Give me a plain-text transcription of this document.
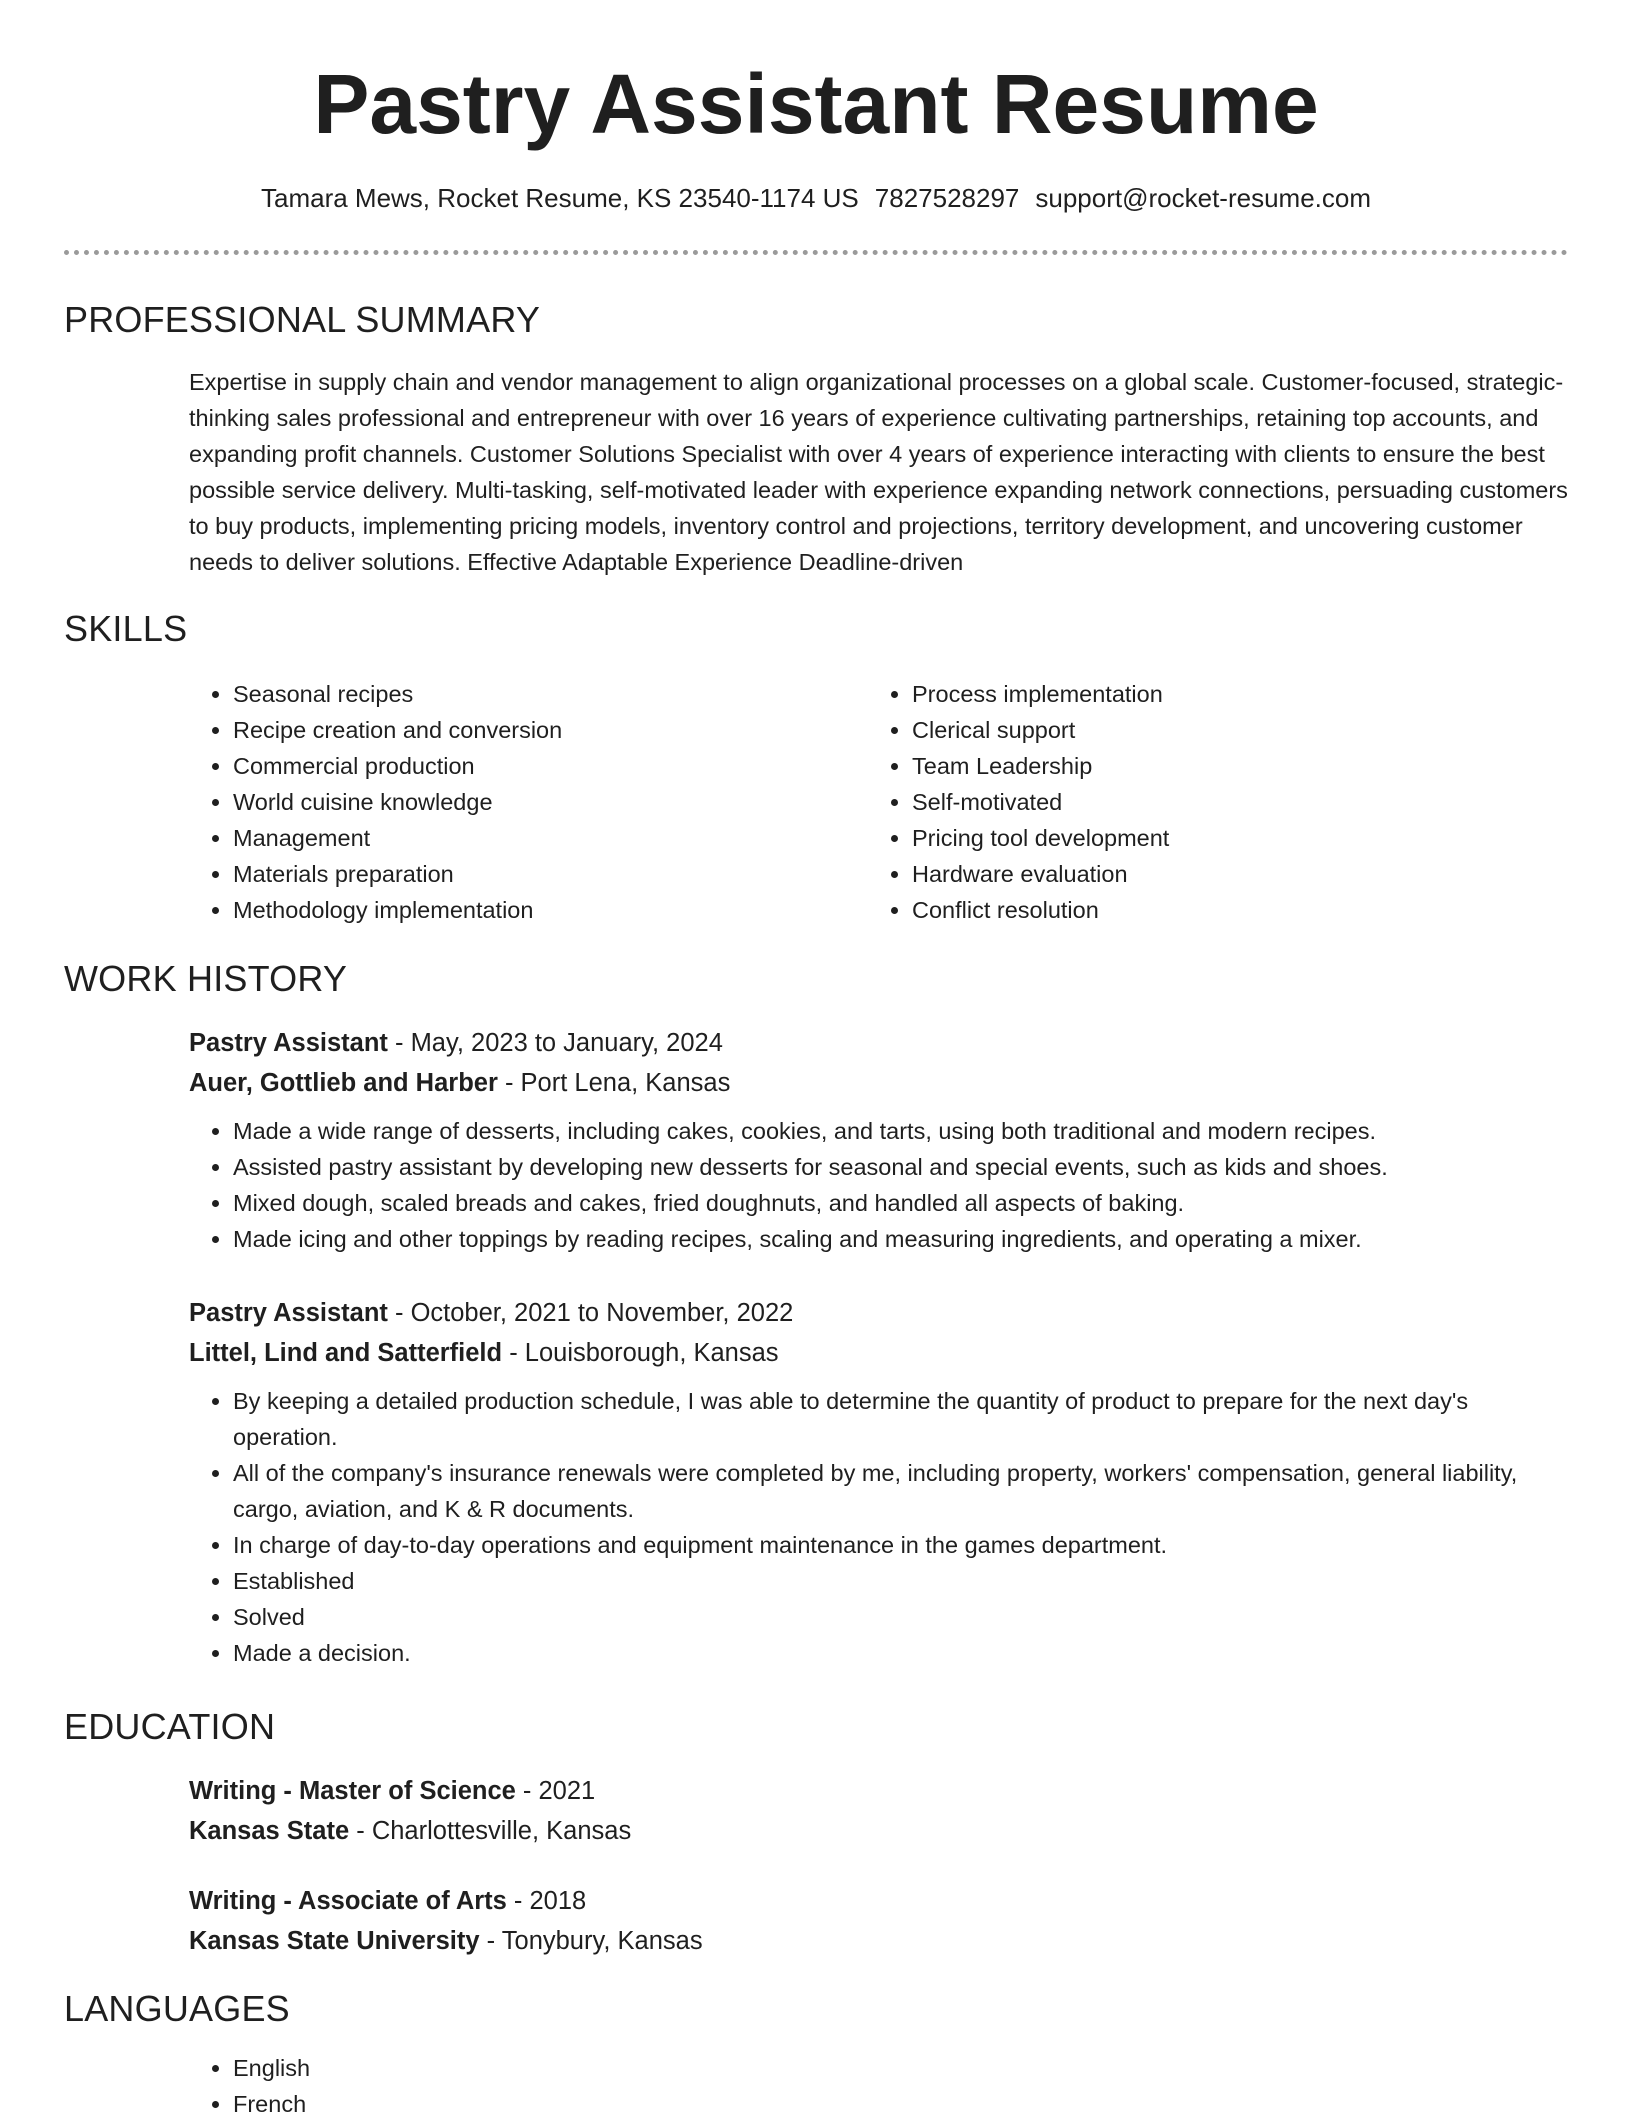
Pastry Assistant Resume
Tamara Mews, Rocket Resume, KS 23540-1174 US 7827528297 support@rocket-resume.com
PROFESSIONAL SUMMARY

Expertise in supply chain and vendor management to align organizational processes on a global scale. Customer-focused, strategic-thinking sales professional and entrepreneur with over 16 years of experience cultivating partnerships, retaining top accounts, and expanding profit channels. Customer Solutions Specialist with over 4 years of experience interacting with clients to ensure the best possible service delivery. Multi-tasking, self-motivated leader with experience expanding network connections, persuading customers to buy products, implementing pricing models, inventory control and projections, territory development, and uncovering customer needs to deliver solutions. Effective Adaptable Experience Deadline-driven

SKILLS
• Seasonal recipes
• Recipe creation and conversion
• Commercial production
• World cuisine knowledge
• Management
• Materials preparation
• Methodology implementation
• Process implementation
• Clerical support
• Team Leadership
• Self-motivated
• Pricing tool development
• Hardware evaluation
• Conflict resolution
WORK HISTORY
Pastry Assistant - May, 2023 to January, 2024
Auer, Gottlieb and Harber - Port Lena, Kansas
• Made a wide range of desserts, including cakes, cookies, and tarts, using both traditional and modern recipes.
• Assisted pastry assistant by developing new desserts for seasonal and special events, such as kids and shoes.
• Mixed dough, scaled breads and cakes, fried doughnuts, and handled all aspects of baking.
• Made icing and other toppings by reading recipes, scaling and measuring ingredients, and operating a mixer.
Pastry Assistant - October, 2021 to November, 2022
Littel, Lind and Satterfield - Louisborough, Kansas
• By keeping a detailed production schedule, I was able to determine the quantity of product to prepare for the next day's operation.
• All of the company's insurance renewals were completed by me, including property, workers' compensation, general liability, cargo, aviation, and K & R documents.
• In charge of day-to-day operations and equipment maintenance in the games department.
• Established
• Solved
• Made a decision.
EDUCATION
Writing - Master of Science - 2021
Kansas State - Charlottesville, Kansas
Writing - Associate of Arts - 2018
Kansas State University - Tonybury, Kansas
LANGUAGES
• English
• French
